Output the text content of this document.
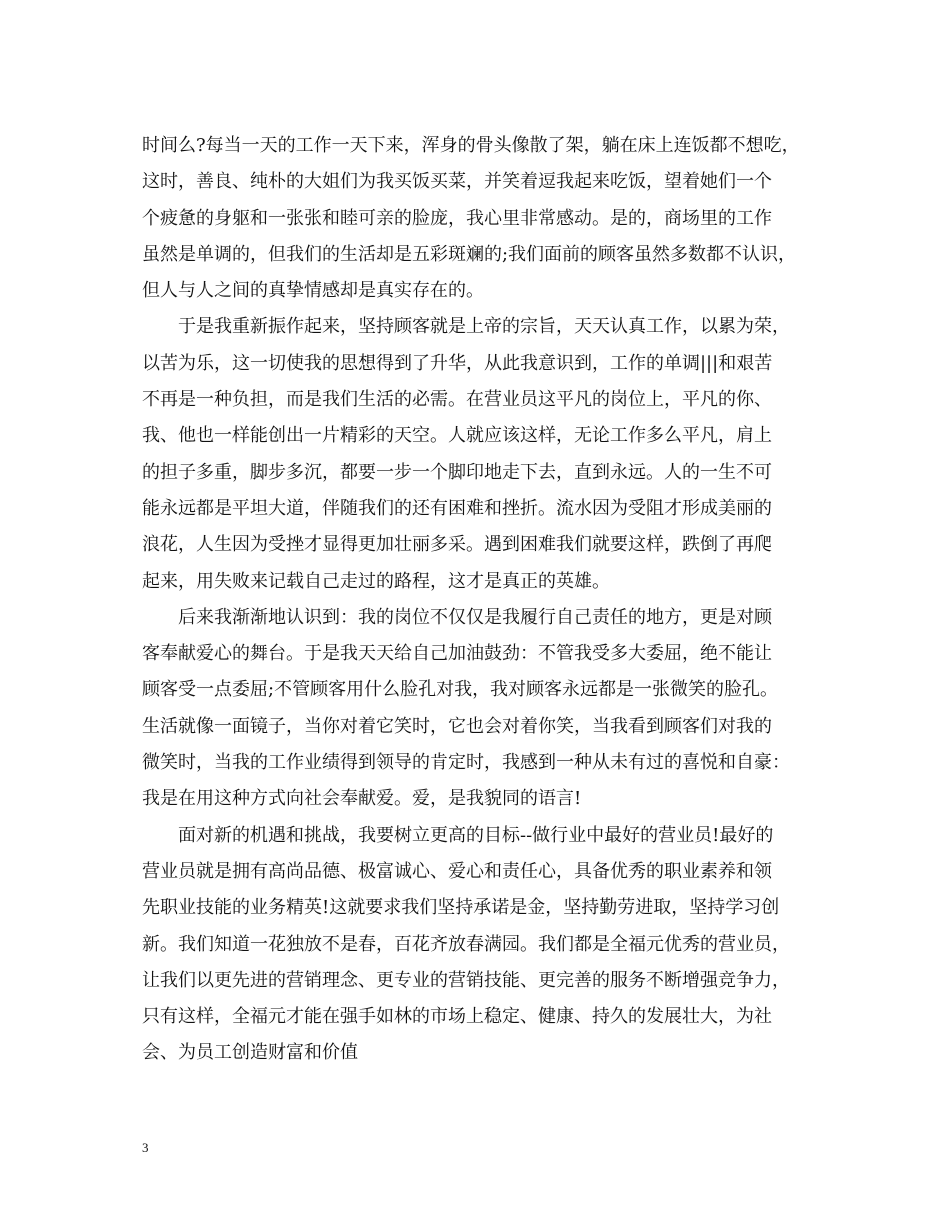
时间么?每当一天的工作一天下来，浑身的骨头像散了架，躺在床上连饭都不想吃，
这时，善良、纯朴的大姐们为我买饭买菜，并笑着逗我起来吃饭，望着她们一个
个疲惫的身躯和一张张和睦可亲的脸庞，我心里非常感动。是的，商场里的工作
虽然是单调的，但我们的生活却是五彩斑斓的;我们面前的顾客虽然多数都不认识，
但人与人之间的真挚情感却是真实存在的。
　　于是我重新振作起来，坚持顾客就是上帝的宗旨，天天认真工作，以累为荣，
以苦为乐，这一切使我的思想得到了升华，从此我意识到，工作的单调|||和艰苦
不再是一种负担，而是我们生活的必需。在营业员这平凡的岗位上，平凡的你、
我、他也一样能创出一片精彩的天空。人就应该这样，无论工作多么平凡，肩上
的担子多重，脚步多沉，都要一步一个脚印地走下去，直到永远。人的一生不可
能永远都是平坦大道，伴随我们的还有困难和挫折。流水因为受阻才形成美丽的
浪花，人生因为受挫才显得更加壮丽多采。遇到困难我们就要这样，跌倒了再爬
起来，用失败来记载自己走过的路程，这才是真正的英雄。
　　后来我渐渐地认识到：我的岗位不仅仅是我履行自己责任的地方，更是对顾
客奉献爱心的舞台。于是我天天给自己加油鼓劲：不管我受多大委屈，绝不能让
顾客受一点委屈;不管顾客用什么脸孔对我，我对顾客永远都是一张微笑的脸孔。
生活就像一面镜子，当你对着它笑时，它也会对着你笑，当我看到顾客们对我的
微笑时，当我的工作业绩得到领导的肯定时，我感到一种从未有过的喜悦和自豪：
我是在用这种方式向社会奉献爱。爱，是我貌同的语言!
　　面对新的机遇和挑战，我要树立更高的目标--做行业中最好的营业员!最好的
营业员就是拥有高尚品德、极富诚心、爱心和责任心，具备优秀的职业素养和领
先职业技能的业务精英!这就要求我们坚持承诺是金，坚持勤劳进取，坚持学习创
新。我们知道一花独放不是春，百花齐放春满园。我们都是全福元优秀的营业员，
让我们以更先进的营销理念、更专业的营销技能、更完善的服务不断增强竞争力，
只有这样，全福元才能在强手如林的市场上稳定、健康、持久的发展壮大，为社
会、为员工创造财富和价值
3
